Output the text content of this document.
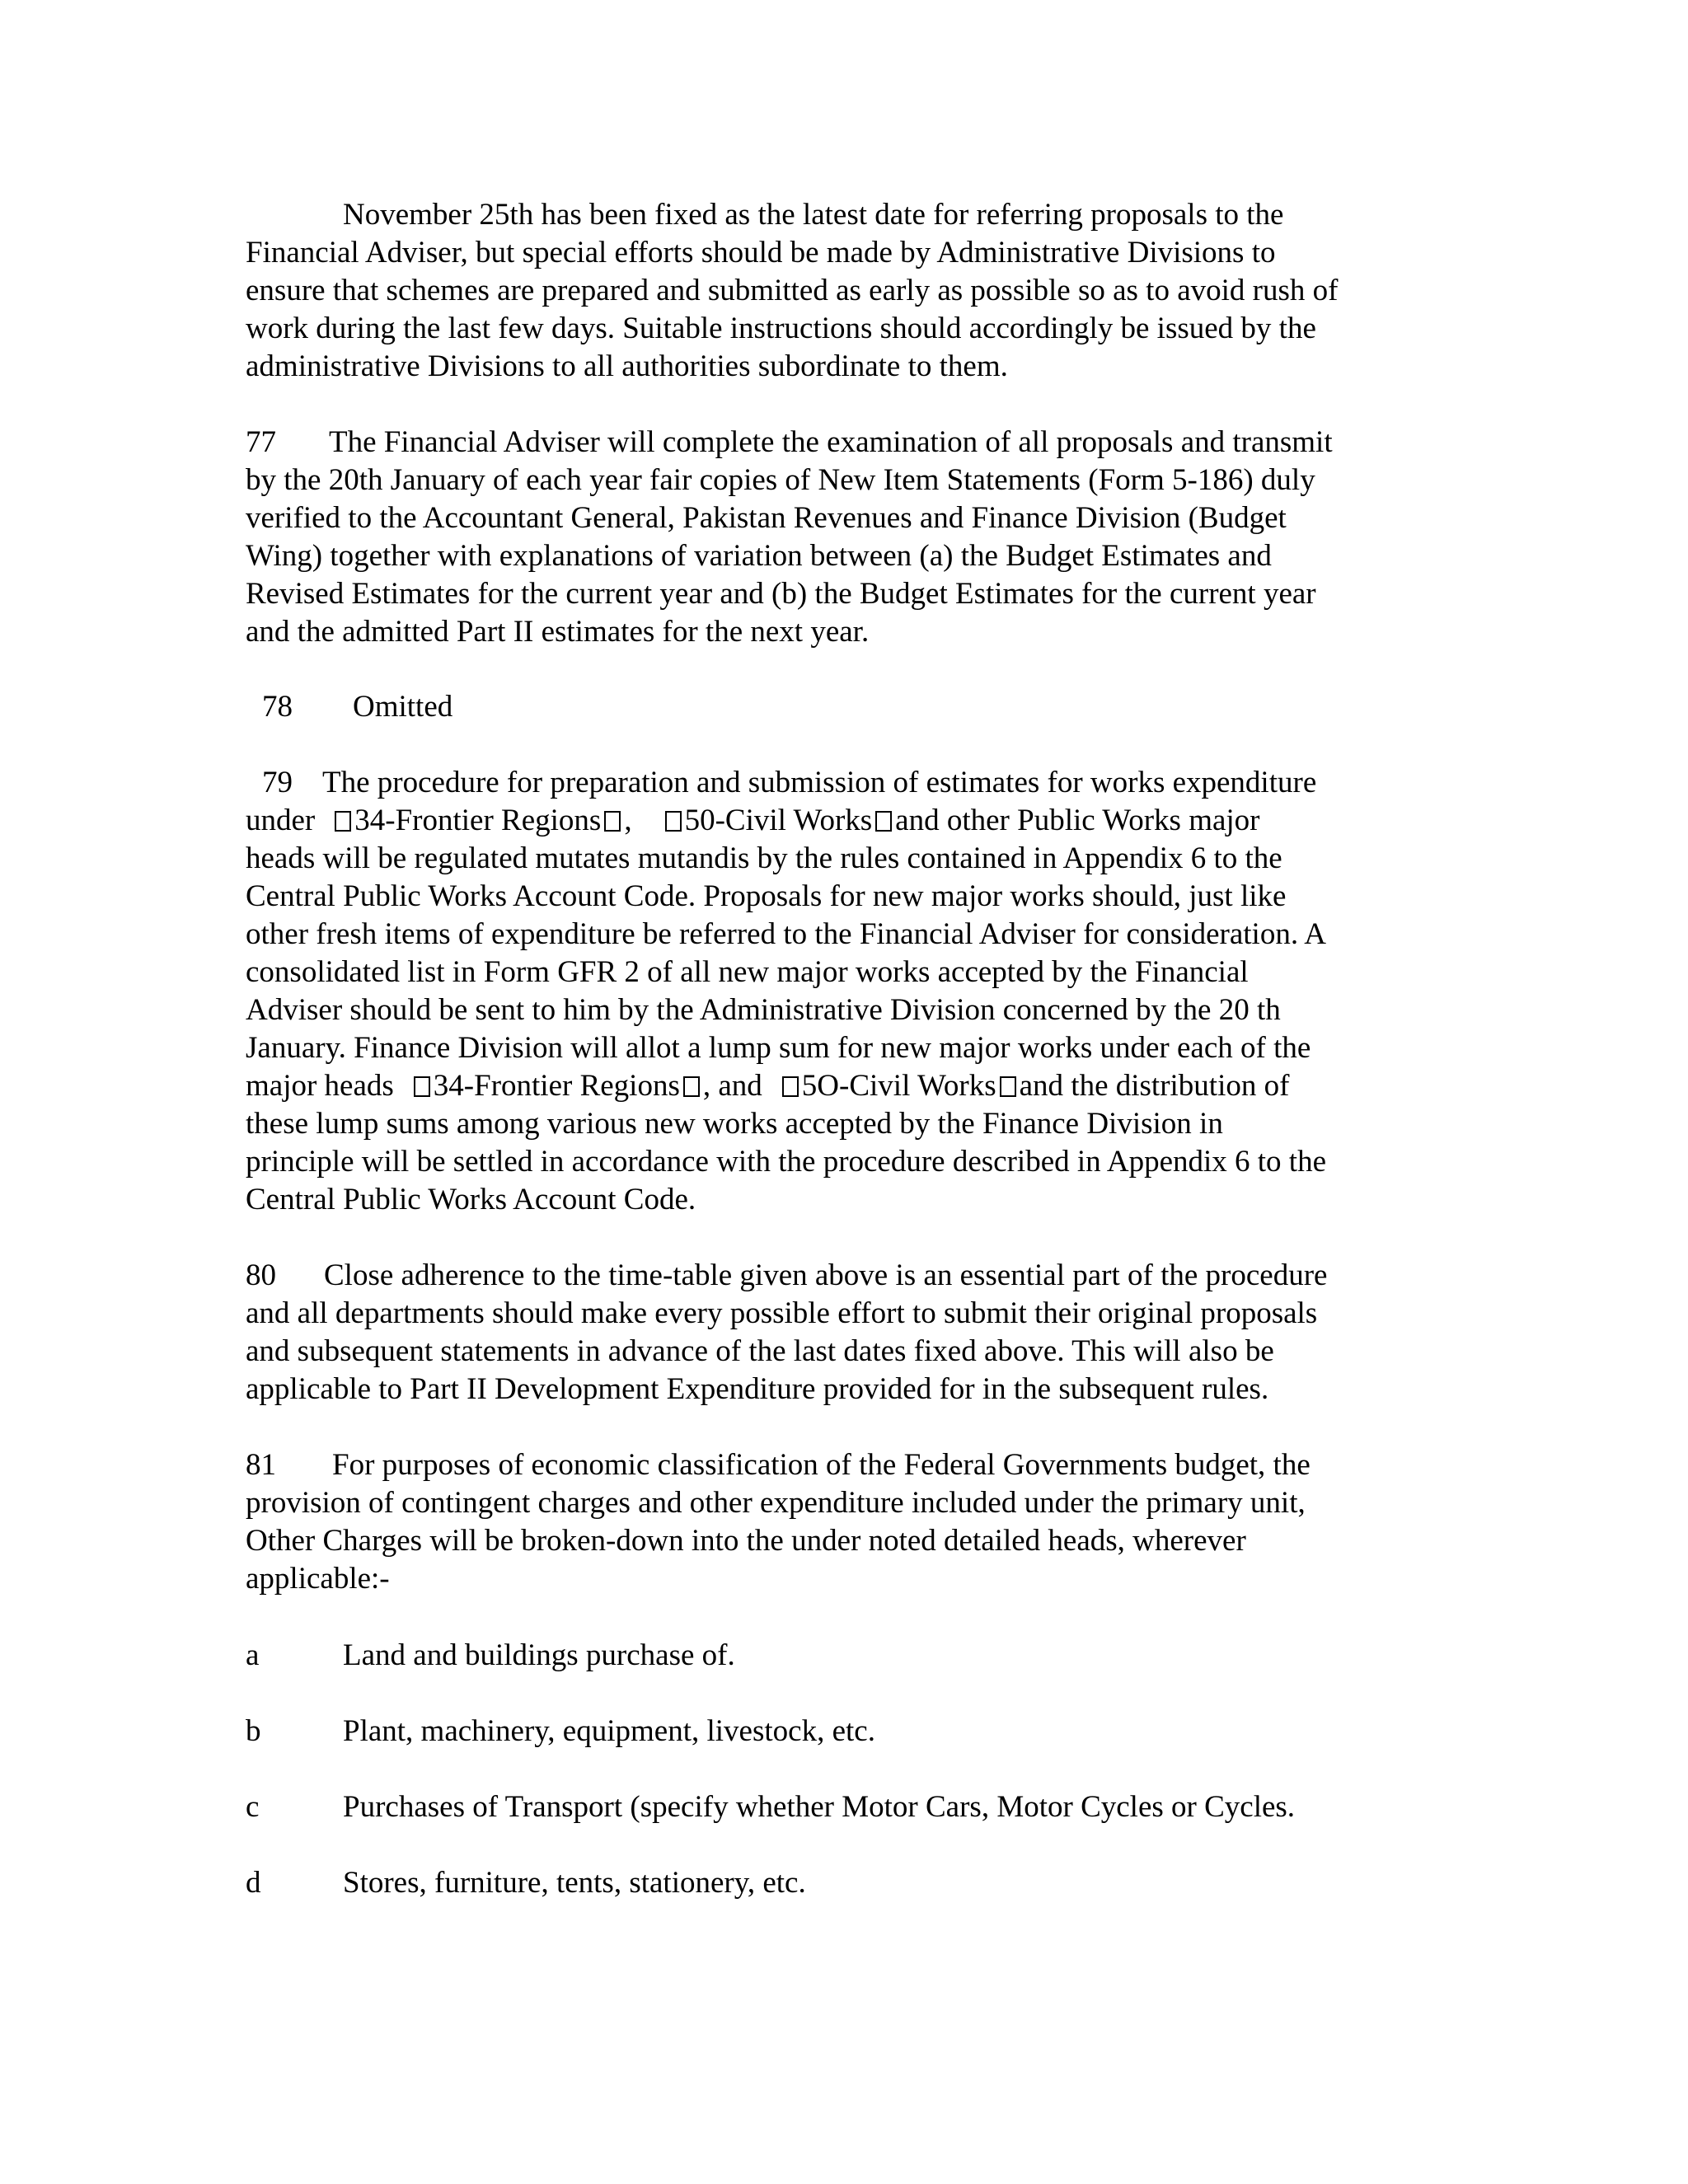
November 25th has been fixed as the latest date for referring proposals to the
Financial Adviser, but special efforts should be made by Administrative Divisions to
ensure that schemes are prepared and submitted as early as possible so as to avoid rush of
work during the last few days. Suitable instructions should accordingly be issued by the
administrative Divisions to all authorities subordinate to them.
77 The Financial Adviser will complete the examination of all proposals and transmit
by the 20th January of each year fair copies of New Item Statements (Form 5-186) duly
verified to the Accountant General, Pakistan Revenues and Finance Division (Budget
Wing) together with explanations of variation between (a) the Budget Estimates and
Revised Estimates for the current year and (b) the Budget Estimates for the current year
and the admitted Part II estimates for the next year.
78 Omitted
79 The procedure for preparation and submission of estimates for works expenditure
under 34-Frontier Regions , 50-Civil Works and other Public Works major
heads will be regulated mutates mutandis by the rules contained in Appendix 6 to the
Central Public Works Account Code. Proposals for new major works should, just like
other fresh items of expenditure be referred to the Financial Adviser for consideration. A
consolidated list in Form GFR 2 of all new major works accepted by the Financial
Adviser should be sent to him by the Administrative Division concerned by the 20 th
January. Finance Division will allot a lump sum for new major works under each of the
major heads 34-Frontier Regions , and 5O-Civil Works and the distribution of
these lump sums among various new works accepted by the Finance Division in
principle will be settled in accordance with the procedure described in Appendix 6 to the
Central Public Works Account Code.
80 Close adherence to the time-table given above is an essential part of the procedure
and all departments should make every possible effort to submit their original proposals
and subsequent statements in advance of the last dates fixed above. This will also be
applicable to Part II Development Expenditure provided for in the subsequent rules.
81 For purposes of economic classification of the Federal Governments budget, the
provision of contingent charges and other expenditure included under the primary unit,
Other Charges will be broken-down into the under noted detailed heads, wherever
applicable:-
a	Land and buildings purchase of.
b	Plant, machinery, equipment, livestock, etc.
c	Purchases of Transport (specify whether Motor Cars, Motor Cycles or Cycles.
d	Stores, furniture, tents, stationery, etc.
